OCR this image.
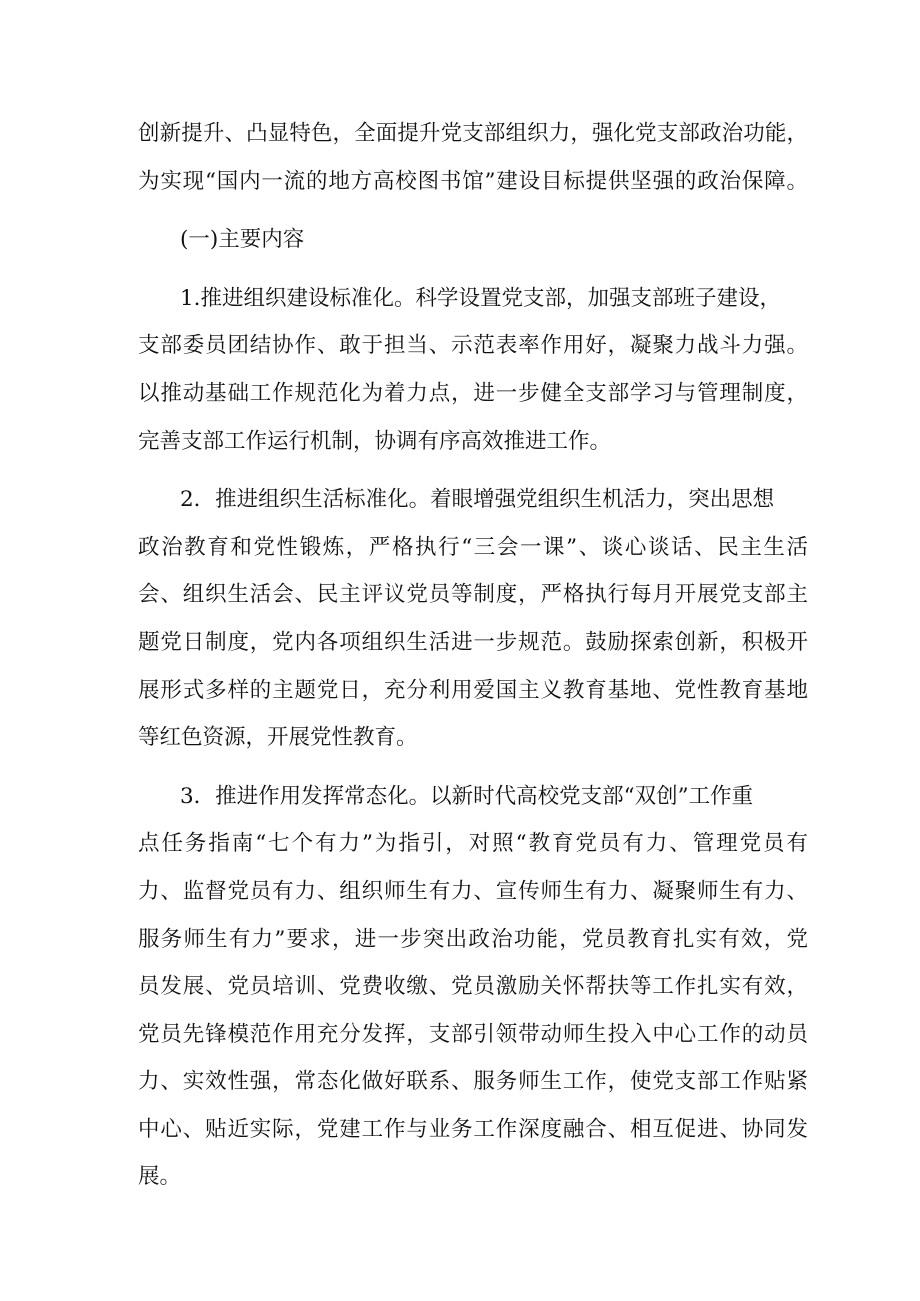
创新提升、凸显特色，全面提升党支部组织力，强化党支部政治功能，
为实现“国内一流的地方高校图书馆”建设目标提供坚强的政治保障。
(一)主要内容
1.推进组织建设标准化。科学设置党支部，加强支部班子建设，
支部委员团结协作、敢于担当、示范表率作用好，凝聚力战斗力强。
以推动基础工作规范化为着力点，进一步健全支部学习与管理制度，
完善支部工作运行机制，协调有序高效推进工作。
2．推进组织生活标准化。着眼增强党组织生机活力，突出思想
政治教育和党性锻炼，严格执行“三会一课”、谈心谈话、民主生活
会、组织生活会、民主评议党员等制度，严格执行每月开展党支部主
题党日制度，党内各项组织生活进一步规范。鼓励探索创新，积极开
展形式多样的主题党日，充分利用爱国主义教育基地、党性教育基地
等红色资源，开展党性教育。
3．推进作用发挥常态化。以新时代高校党支部“双创”工作重
点任务指南“七个有力”为指引，对照“教育党员有力、管理党员有
力、监督党员有力、组织师生有力、宣传师生有力、凝聚师生有力、
服务师生有力”要求，进一步突出政治功能，党员教育扎实有效，党
员发展、党员培训、党费收缴、党员激励关怀帮扶等工作扎实有效，
党员先锋模范作用充分发挥，支部引领带动师生投入中心工作的动员
力、实效性强，常态化做好联系、服务师生工作，使党支部工作贴紧
中心、贴近实际，党建工作与业务工作深度融合、相互促进、协同发
展。
